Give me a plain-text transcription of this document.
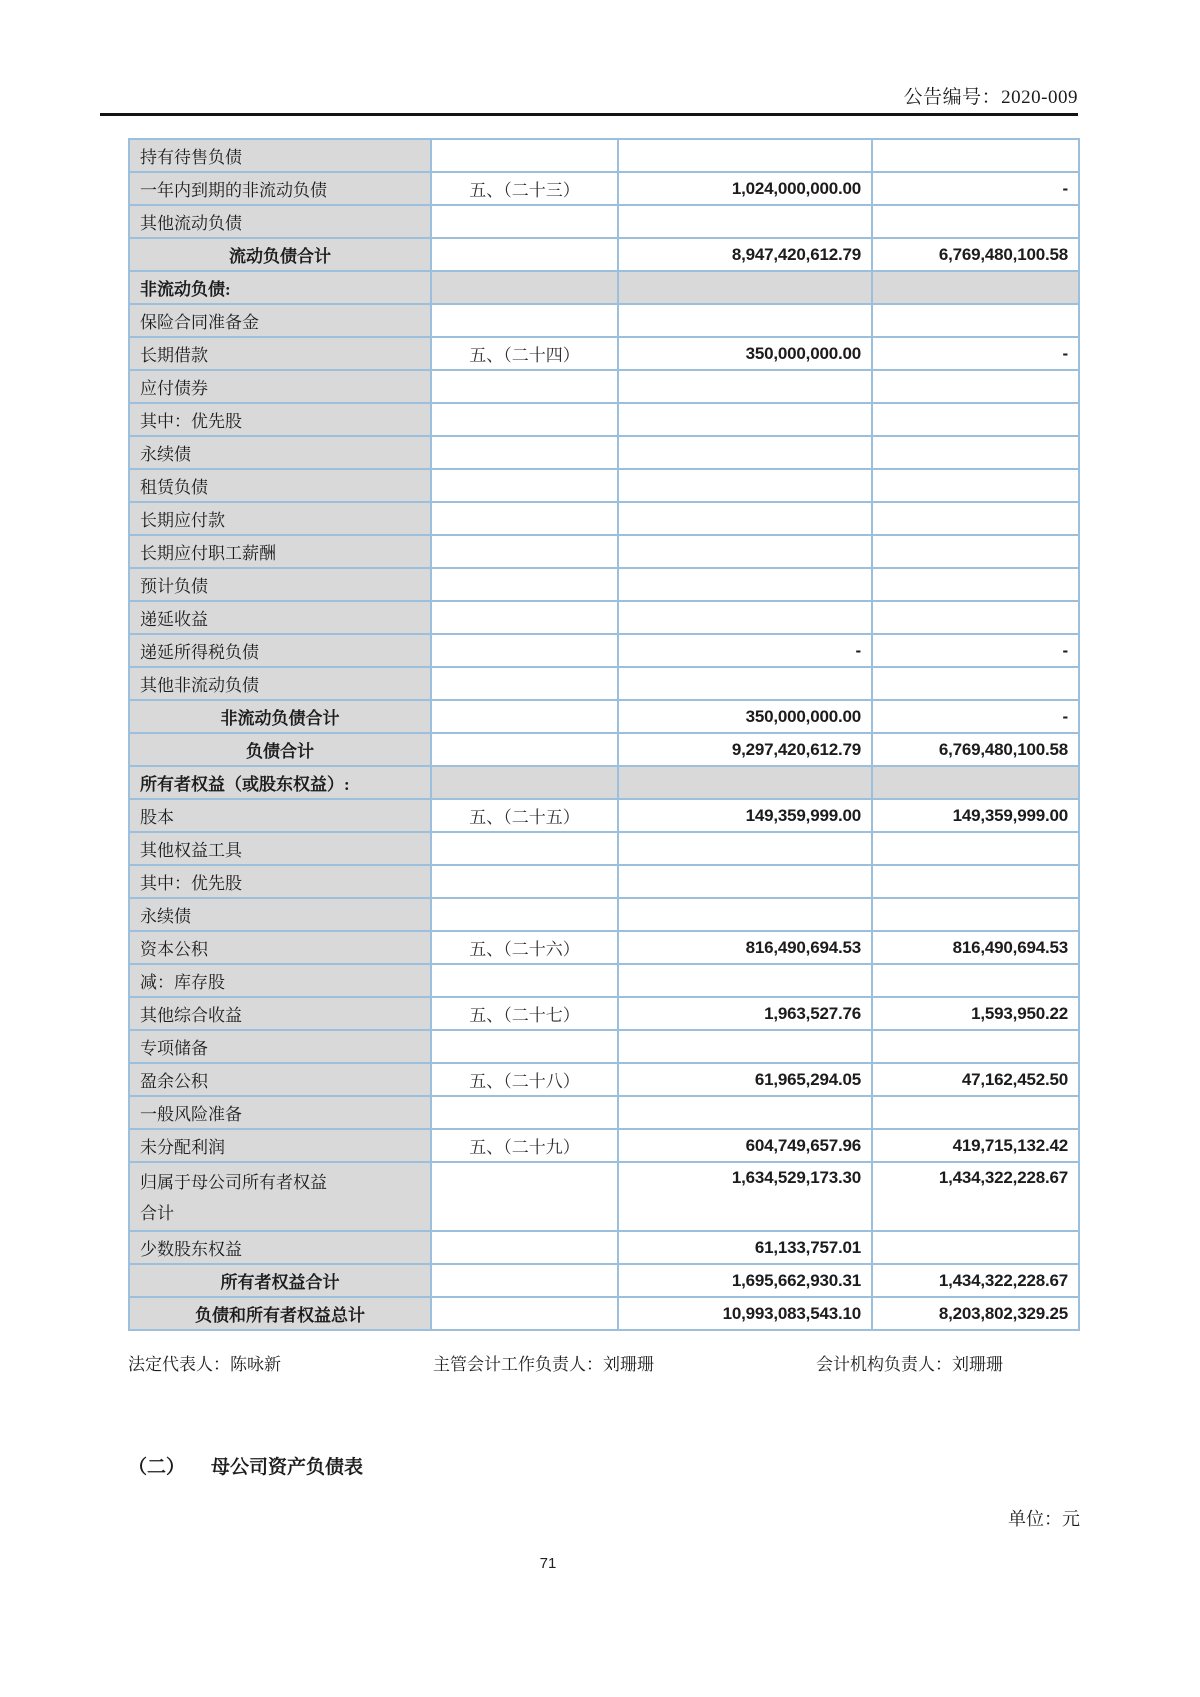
公告编号：2020-009
持有待售负债			
一年内到期的非流动负债	五、（二十三）	1,024,000,000.00	-
其他流动负债			
流动负债合计		8,947,420,612.79	6,769,480,100.58
非流动负债:			
保险合同准备金			
长期借款	五、（二十四）	350,000,000.00	-
应付债券			
其中：优先股			
永续债			
租赁负债			
长期应付款			
长期应付职工薪酬			
预计负债			
递延收益			
递延所得税负债		-	-
其他非流动负债			
非流动负债合计		350,000,000.00	-
负债合计		9,297,420,612.79	6,769,480,100.58
所有者权益（或股东权益）:			
股本	五、（二十五）	149,359,999.00	149,359,999.00
其他权益工具			
其中：优先股			
永续债			
资本公积	五、（二十六）	816,490,694.53	816,490,694.53
减：库存股			
其他综合收益	五、（二十七）	1,963,527.76	1,593,950.22
专项储备			
盈余公积	五、（二十八）	61,965,294.05	47,162,452.50
一般风险准备			
未分配利润	五、（二十九）	604,749,657.96	419,715,132.42
归属于母公司所有者权益合计		1,634,529,173.30	1,434,322,228.67
少数股东权益		61,133,757.01	
所有者权益合计		1,695,662,930.31	1,434,322,228.67
负债和所有者权益总计		10,993,083,543.10	8,203,802,329.25
法定代表人：陈咏新	主管会计工作负责人：刘珊珊	会计机构负责人：刘珊珊
（二） 母公司资产负债表
单位：元
71
